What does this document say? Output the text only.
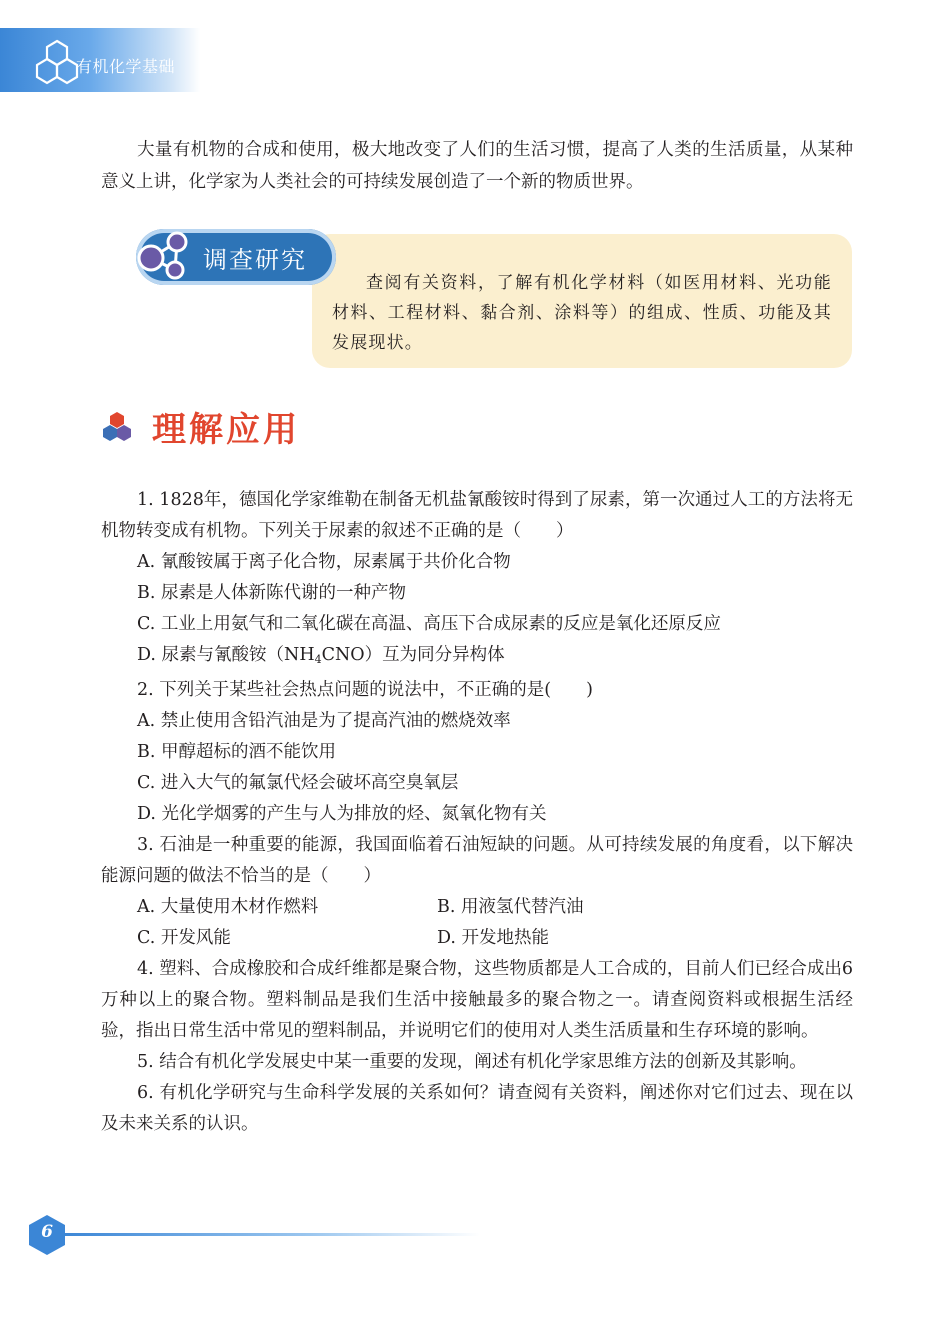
有机化学基础

大量有机物的合成和使用，极大地改变了人们的生活习惯，提高了人类的生活质量，从某种意义上讲，化学家为人类社会的可持续发展创造了一个新的物质世界。

查阅有关资料，了解有机化学材料（如医用材料、光功能材料、工程材料、黏合剂、涂料等）的组成、性质、功能及其发展现状。

调查研究
理解应用

1. 1828年，德国化学家维勒在制备无机盐氰酸铵时得到了尿素，第一次通过人工的方法将无机物转变成有机物。下列关于尿素的叙述不正确的是（　　）

A. 氰酸铵属于离子化合物，尿素属于共价化合物

B. 尿素是人体新陈代谢的一种产物

C. 工业上用氨气和二氧化碳在高温、高压下合成尿素的反应是氧化还原反应

D. 尿素与氰酸铵$(NH_4CNO)$互为同分异构体

2. 下列关于某些社会热点问题的说法中，不正确的是(　　)

A. 禁止使用含铅汽油是为了提高汽油的燃烧效率

B. 甲醇超标的酒不能饮用

C. 进入大气的氟氯代烃会破坏高空臭氧层

D. 光化学烟雾的产生与人为排放的烃、氮氧化物有关

3. 石油是一种重要的能源，我国面临着石油短缺的问题。从可持续发展的角度看，以下解决能源问题的做法不恰当的是（　　）

A. 大量使用木材作燃料	B. 用液氢代替汽油
C. 开发风能	D. 开发地热能

4. 塑料、合成橡胶和合成纤维都是聚合物，这些物质都是人工合成的，目前人们已经合成出6万种以上的聚合物。塑料制品是我们生活中接触最多的聚合物之一。请查阅资料或根据生活经验，指出日常生活中常见的塑料制品，并说明它们的使用对人类生活质量和生存环境的影响。

5. 结合有机化学发展史中某一重要的发现，阐述有机化学家思维方法的创新及其影响。

6. 有机化学研究与生命科学发展的关系如何？请查阅有关资料，阐述你对它们过去、现在以及未来关系的认识。

6
